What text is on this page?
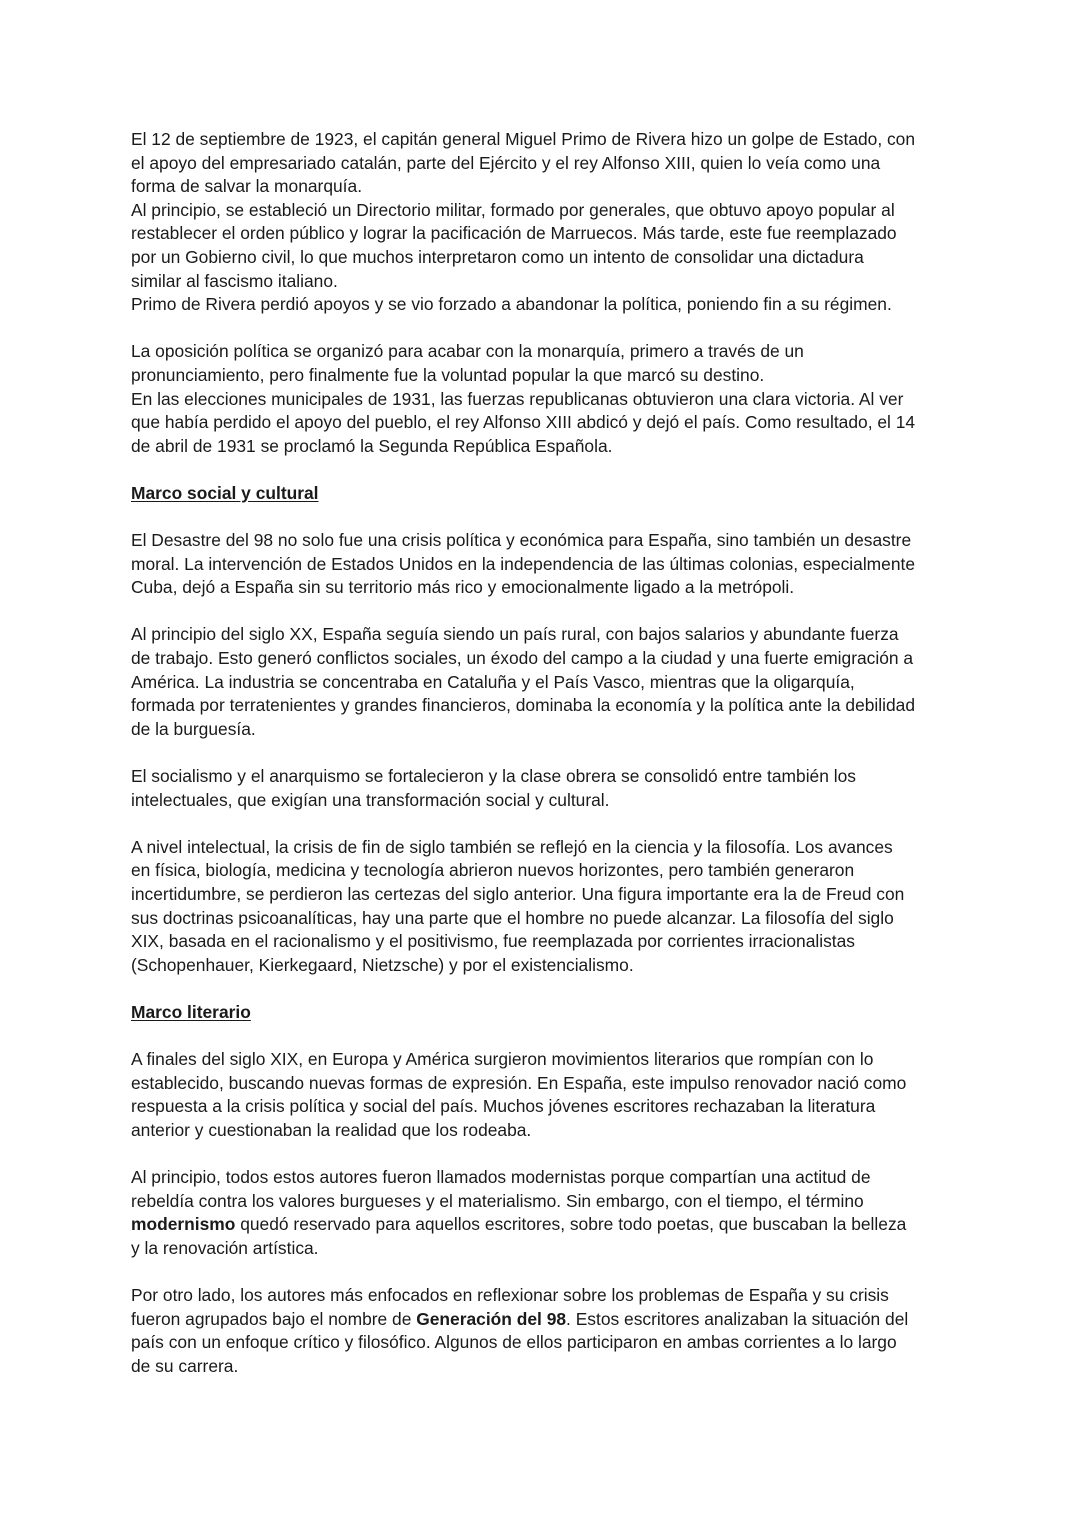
El 12 de septiembre de 1923, el capitán general Miguel Primo de Rivera hizo un golpe de Estado, con
el apoyo del empresariado catalán, parte del Ejército y el rey Alfonso XIII, quien lo veía como una
forma de salvar la monarquía.

Al principio, se estableció un Directorio militar, formado por generales, que obtuvo apoyo popular al
restablecer el orden público y lograr la pacificación de Marruecos. Más tarde, este fue reemplazado
por un Gobierno civil, lo que muchos interpretaron como un intento de consolidar una dictadura
similar al fascismo italiano.

Primo de Rivera perdió apoyos y se vio forzado a abandonar la política, poniendo fin a su régimen.

La oposición política se organizó para acabar con la monarquía, primero a través de un
pronunciamiento, pero finalmente fue la voluntad popular la que marcó su destino.

En las elecciones municipales de 1931, las fuerzas republicanas obtuvieron una clara victoria. Al ver
que había perdido el apoyo del pueblo, el rey Alfonso XIII abdicó y dejó el país. Como resultado, el 14
de abril de 1931 se proclamó la Segunda República Española.

Marco social y cultural

El Desastre del 98 no solo fue una crisis política y económica para España, sino también un desastre
moral. La intervención de Estados Unidos en la independencia de las últimas colonias, especialmente
Cuba, dejó a España sin su territorio más rico y emocionalmente ligado a la metrópoli.

Al principio del siglo XX, España seguía siendo un país rural, con bajos salarios y abundante fuerza
de trabajo. Esto generó conflictos sociales, un éxodo del campo a la ciudad y una fuerte emigración a
América. La industria se concentraba en Cataluña y el País Vasco, mientras que la oligarquía,
formada por terratenientes y grandes financieros, dominaba la economía y la política ante la debilidad
de la burguesía.

El socialismo y el anarquismo se fortalecieron y la clase obrera se consolidó entre también los
intelectuales, que exigían una transformación social y cultural.

A nivel intelectual, la crisis de fin de siglo también se reflejó en la ciencia y la filosofía. Los avances
en física, biología, medicina y tecnología abrieron nuevos horizontes, pero también generaron
incertidumbre, se perdieron las certezas del siglo anterior. Una figura importante era la de Freud con
sus doctrinas psicoanalíticas, hay una parte que el hombre no puede alcanzar. La filosofía del siglo
XIX, basada en el racionalismo y el positivismo, fue reemplazada por corrientes irracionalistas
(Schopenhauer, Kierkegaard, Nietzsche) y por el existencialismo.

Marco literario

A finales del siglo XIX, en Europa y América surgieron movimientos literarios que rompían con lo
establecido, buscando nuevas formas de expresión. En España, este impulso renovador nació como
respuesta a la crisis política y social del país. Muchos jóvenes escritores rechazaban la literatura
anterior y cuestionaban la realidad que los rodeaba.

Al principio, todos estos autores fueron llamados modernistas porque compartían una actitud de
rebeldía contra los valores burgueses y el materialismo. Sin embargo, con el tiempo, el término
modernismo quedó reservado para aquellos escritores, sobre todo poetas, que buscaban la belleza
y la renovación artística.

Por otro lado, los autores más enfocados en reflexionar sobre los problemas de España y su crisis
fueron agrupados bajo el nombre de Generación del 98. Estos escritores analizaban la situación del
país con un enfoque crítico y filosófico. Algunos de ellos participaron en ambas corrientes a lo largo
de su carrera.
